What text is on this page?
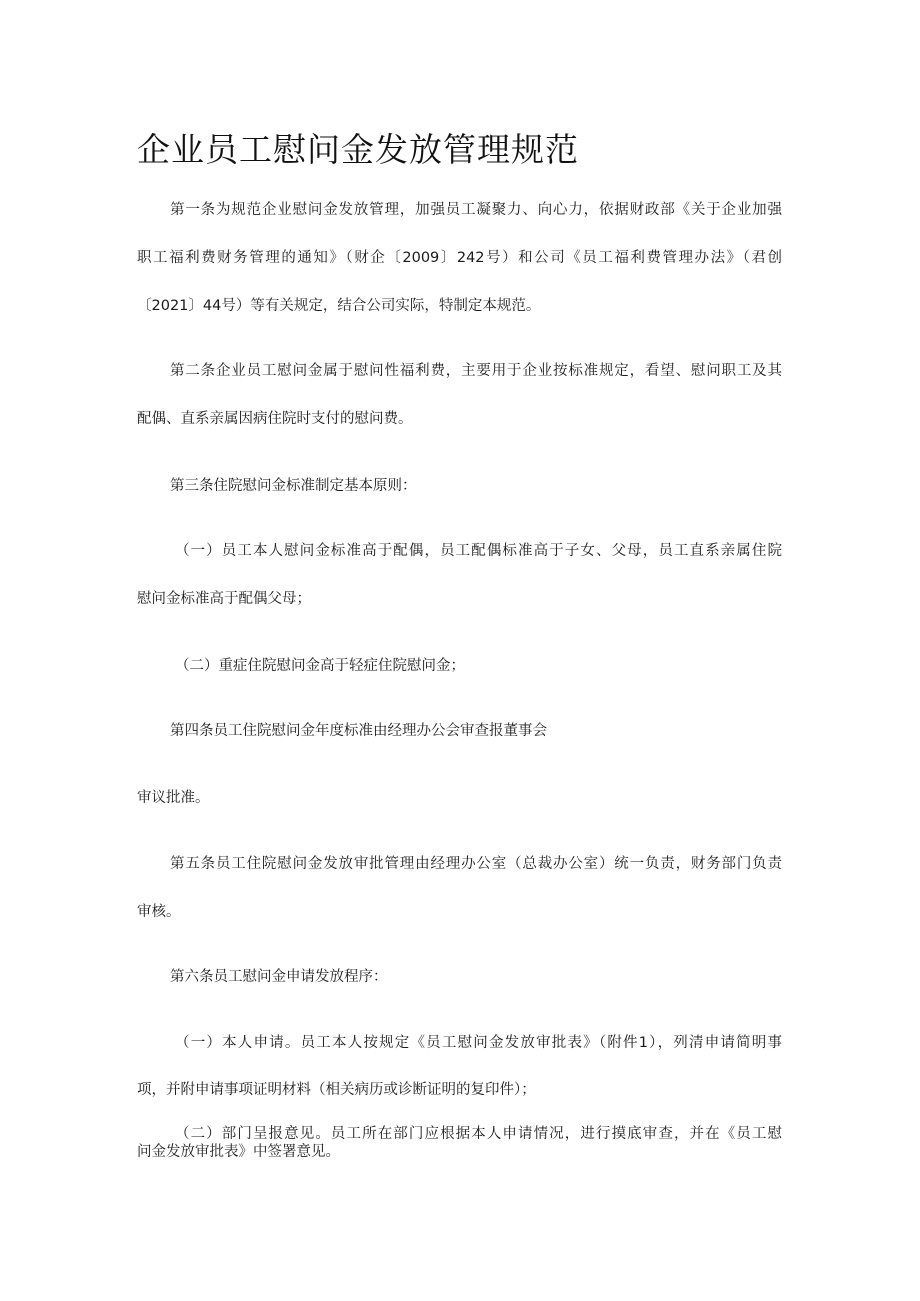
企业员工慰问金发放管理规范
第一条为规范企业慰问金发放管理，加强员工凝聚力、向心力，依据财政部《关于企业加强
职工福利费财务管理的通知》（财企〔2009〕242号）和公司《员工福利费管理办法》（君创
〔2021〕44号）等有关规定，结合公司实际，特制定本规范。
第二条企业员工慰问金属于慰问性福利费，主要用于企业按标准规定，看望、慰问职工及其
配偶、直系亲属因病住院时支付的慰问费。
第三条住院慰问金标准制定基本原则：
（一）员工本人慰问金标准高于配偶，员工配偶标准高于子女、父母，员工直系亲属住院
慰问金标准高于配偶父母；
（二）重症住院慰问金高于轻症住院慰问金；
第四条员工住院慰问金年度标准由经理办公会审查报董事会
审议批准。
第五条员工住院慰问金发放审批管理由经理办公室（总裁办公室）统一负责，财务部门负责
审核。
第六条员工慰问金申请发放程序：
（一）本人申请。员工本人按规定《员工慰问金发放审批表》（附件1），列清申请简明事
项，并附申请事项证明材料（相关病历或诊断证明的复印件）；
（二）部门呈报意见。员工所在部门应根据本人申请情况，进行摸底审查，并在《员工慰
问金发放审批表》中签署意见。
